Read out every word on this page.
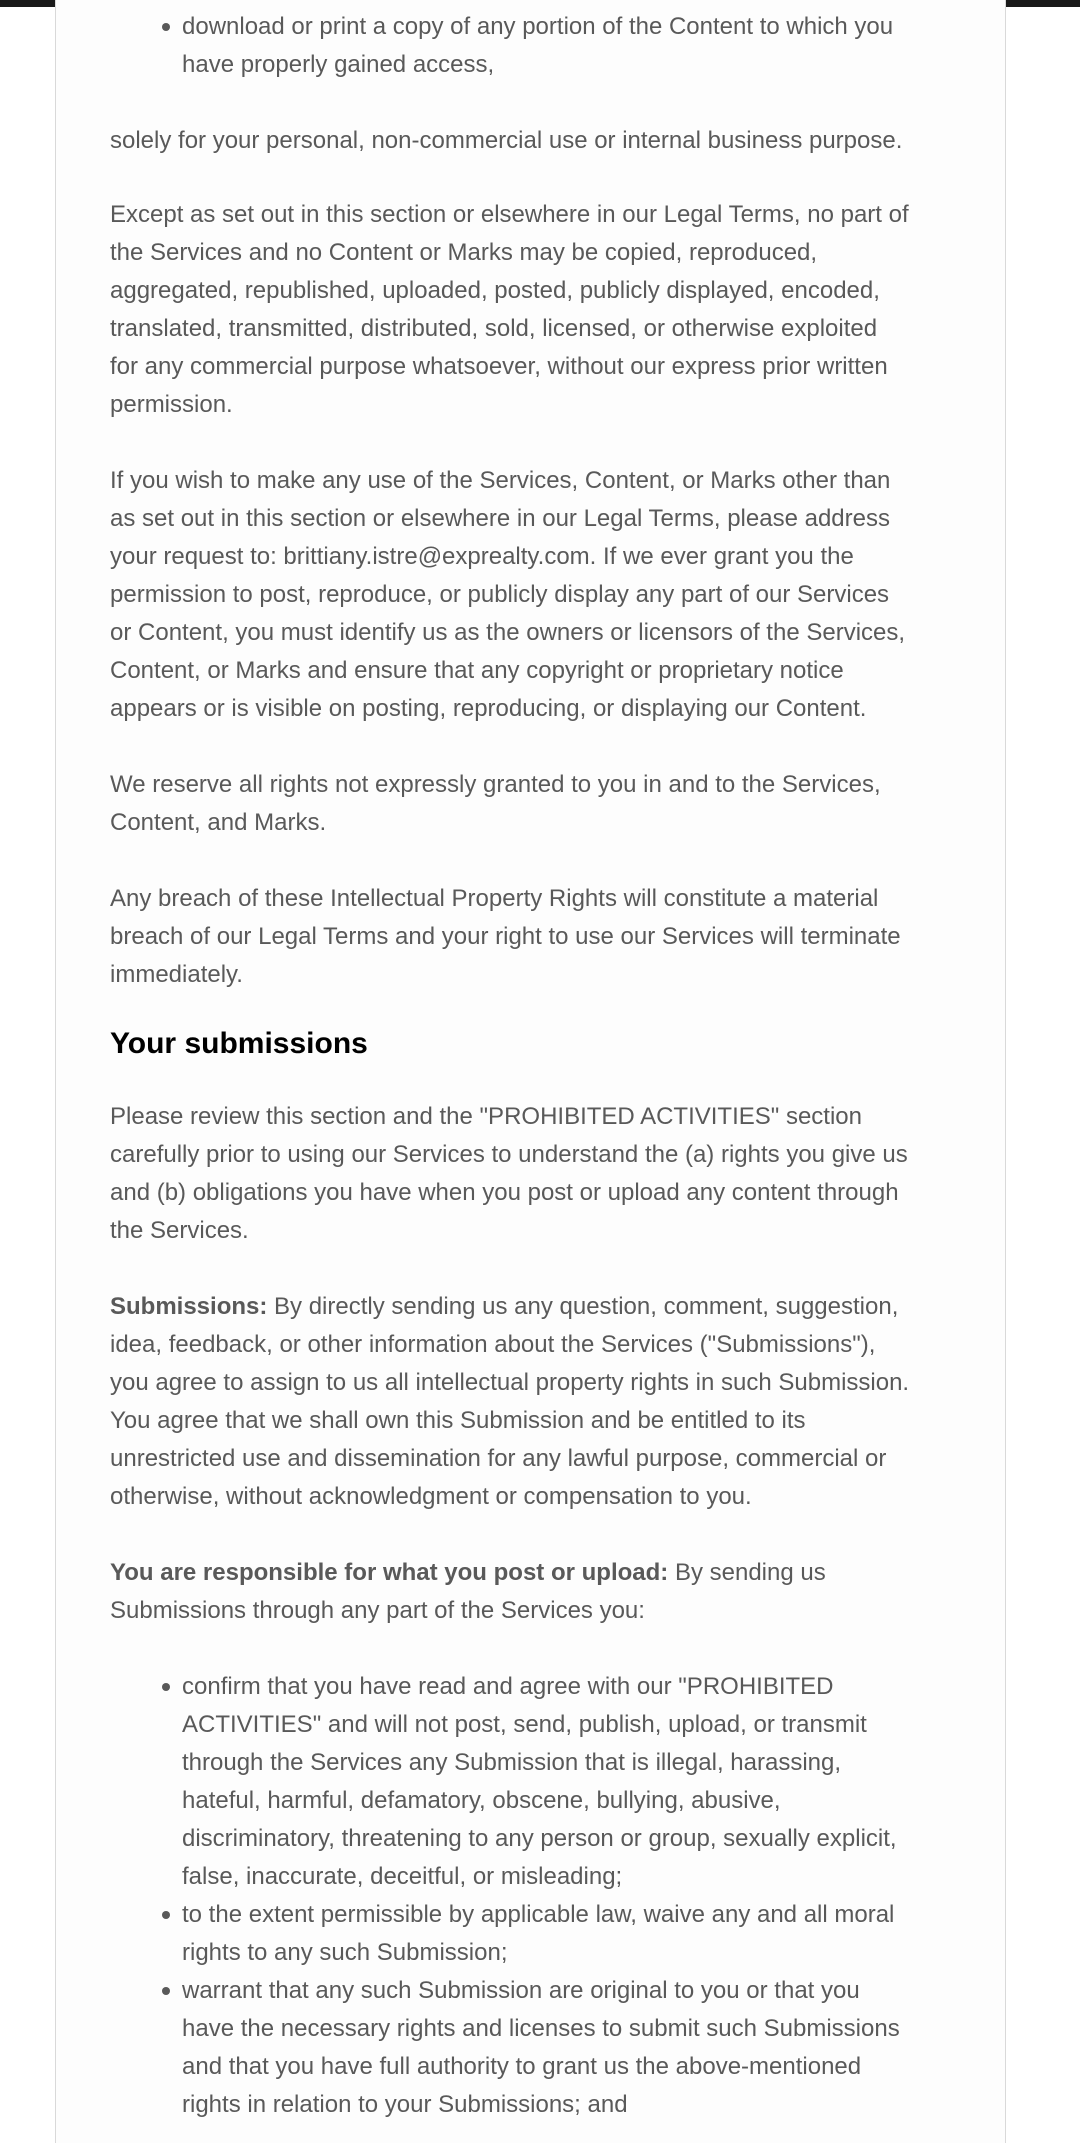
download or print a copy of any portion of the Content to which you have properly gained access,

solely for your personal, non-commercial use or internal business purpose.

Except as set out in this section or elsewhere in our Legal Terms, no part of the Services and no Content or Marks may be copied, reproduced, aggregated, republished, uploaded, posted, publicly displayed, encoded, translated, transmitted, distributed, sold, licensed, or otherwise exploited for any commercial purpose whatsoever, without our express prior written permission.

If you wish to make any use of the Services, Content, or Marks other than as set out in this section or elsewhere in our Legal Terms, please address your request to: brittiany.istre@exprealty.com. If we ever grant you the permission to post, reproduce, or publicly display any part of our Services or Content, you must identify us as the owners or licensors of the Services, Content, or Marks and ensure that any copyright or proprietary notice appears or is visible on posting, reproducing, or displaying our Content.

We reserve all rights not expressly granted to you in and to the Services, Content, and Marks.

Any breach of these Intellectual Property Rights will constitute a material breach of our Legal Terms and your right to use our Services will terminate immediately.

Your submissions

Please review this section and the "PROHIBITED ACTIVITIES" section carefully prior to using our Services to understand the (a) rights you give us and (b) obligations you have when you post or upload any content through the Services.

Submissions: By directly sending us any question, comment, suggestion, idea, feedback, or other information about the Services ("Submissions"), you agree to assign to us all intellectual property rights in such Submission. You agree that we shall own this Submission and be entitled to its unrestricted use and dissemination for any lawful purpose, commercial or otherwise, without acknowledgment or compensation to you.

You are responsible for what you post or upload: By sending us Submissions through any part of the Services you:

confirm that you have read and agree with our "PROHIBITED ACTIVITIES" and will not post, send, publish, upload, or transmit through the Services any Submission that is illegal, harassing, hateful, harmful, defamatory, obscene, bullying, abusive, discriminatory, threatening to any person or group, sexually explicit, false, inaccurate, deceitful, or misleading;
to the extent permissible by applicable law, waive any and all moral rights to any such Submission;
warrant that any such Submission are original to you or that you have the necessary rights and licenses to submit such Submissions and that you have full authority to grant us the above-mentioned rights in relation to your Submissions; and
